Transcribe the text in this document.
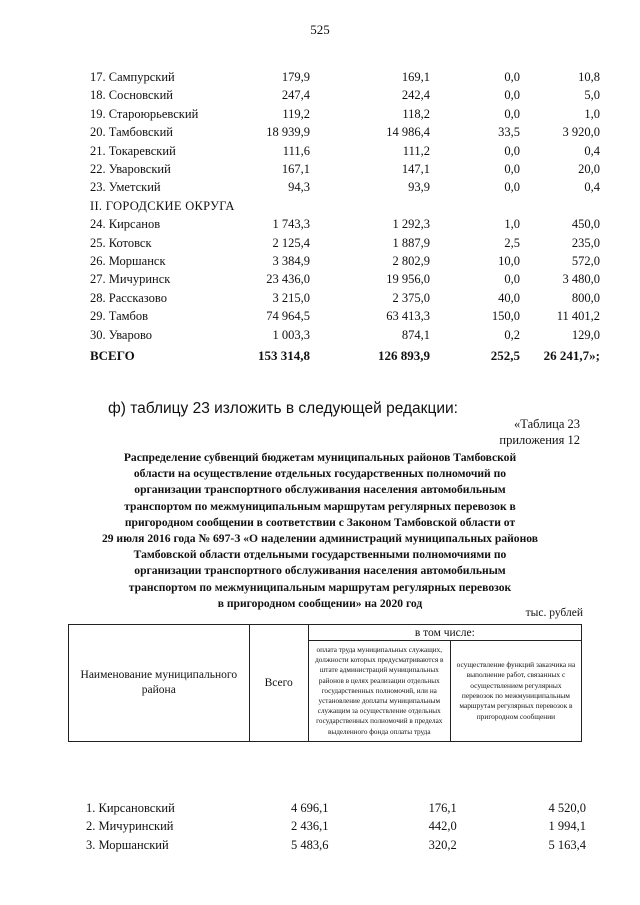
525
17. Сампурский	179,9	169,1	0,0	10,8
18. Сосновский	247,4	242,4	0,0	5,0
19. Староюрьевский	119,2	118,2	0,0	1,0
20. Тамбовский	18 939,9	14 986,4	33,5	3 920,0
21. Токаревский	111,6	111,2	0,0	0,4
22. Уваровский	167,1	147,1	0,0	20,0
23. Уметский	94,3	93,9	0,0	0,4
II. ГОРОДСКИЕ ОКРУГА				
24. Кирсанов	1 743,3	1 292,3	1,0	450,0
25. Котовск	2 125,4	1 887,9	2,5	235,0
26. Моршанск	3 384,9	2 802,9	10,0	572,0
27. Мичуринск	23 436,0	19 956,0	0,0	3 480,0
28. Рассказово	3 215,0	2 375,0	40,0	800,0
29. Тамбов	74 964,5	63 413,3	150,0	11 401,2
30. Уварово	1 003,3	874,1	0,2	129,0
ВСЕГО	153 314,8	126 893,9	252,5	26 241,7»;
ф) таблицу 23 изложить в следующей редакции:
«Таблица 23
приложения 12
Распределение субвенций бюджетам муниципальных районов Тамбовской
области на осуществление отдельных государственных полномочий по
организации транспортного обслуживания населения автомобильным
транспортом по межмуниципальным маршрутам регулярных перевозок в
пригородном сообщении в соответствии с Законом Тамбовской области от
29 июля 2016 года № 697-З «О наделении администраций муниципальных районов
Тамбовской области отдельными государственными полномочиями по
организации транспортного обслуживания населения автомобильным
транспортом по межмуниципальным маршрутам регулярных перевозок
в пригородном сообщении» на 2020 год
тыс. рублей
Наименование муниципального района	Всего	в том числе:	
		оплата труда муниципальных служащих, должности которых предусматриваются в штате администраций муниципальных районов в целях реализации отдельных государственных полномочий, или на установление доплаты муниципальным служащим за осуществление отдельных государственных полномочий в пределах выделенного фонда оплаты труда	осуществление функций заказчика на выполнение работ, связанных с осуществлением регулярных перевозок по межмуниципальным маршрутам регулярных перевозок в пригородном сообщении
1. Кирсановский	4 696,1	176,1	4 520,0
2. Мичуринский	2 436,1	442,0	1 994,1
3. Моршанский	5 483,6	320,2	5 163,4
